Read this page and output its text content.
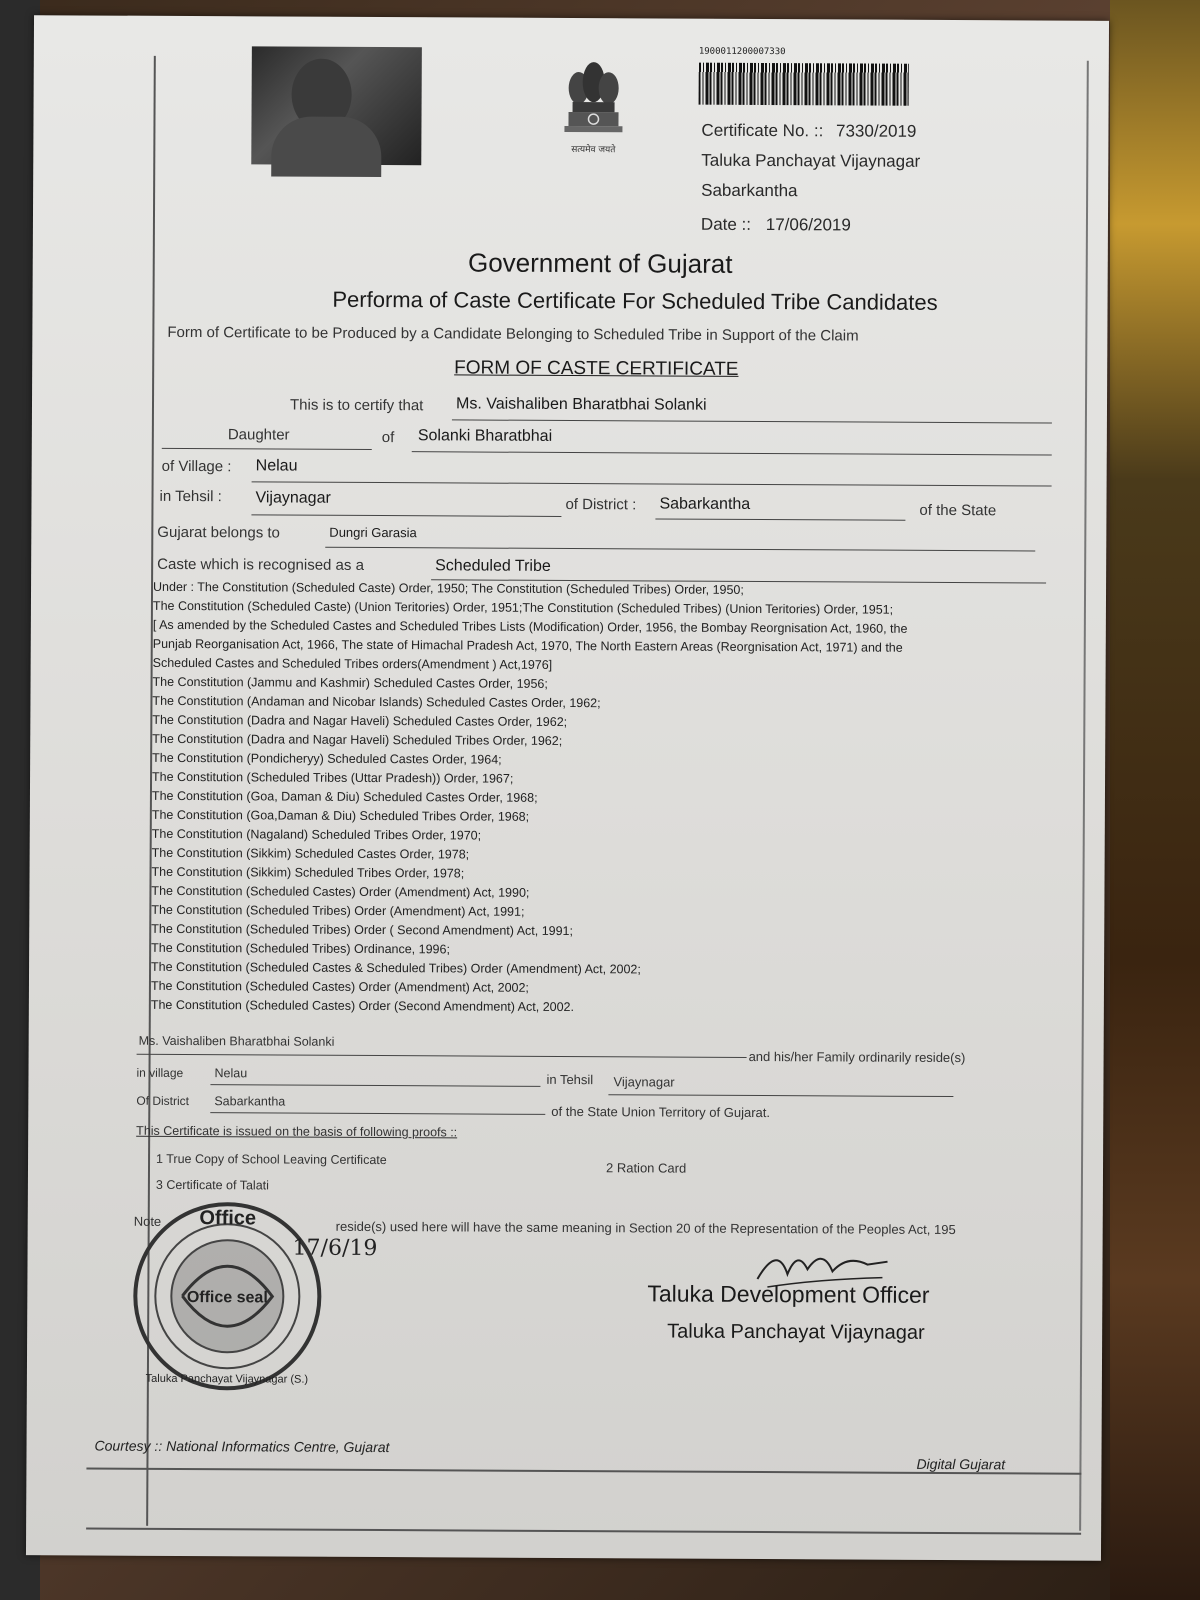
सत्यमेव जयते
1900011200007330
Certificate No. :: 7330/2019
Taluka Panchayat Vijaynagar
Sabarkantha
Date :: 17/06/2019
Government of Gujarat
Performa of Caste Certificate For Scheduled Tribe Candidates
Form of Certificate to be Produced by a Candidate Belonging to Scheduled Tribe in Support of the Claim
FORM OF CASTE CERTIFICATE
This is to certify that Ms. Vaishaliben Bharatbhai Solanki
Daughter	of Solanki Bharatbhai
of Village : Nelau
in Tehsil : Vijaynagar	of District : Sabarkantha	of the State
Gujarat belongs to	Dungri Garasia
Caste which is recognised as a	Scheduled Tribe
Under : The Constitution (Scheduled Caste) Order, 1950; The Constitution (Scheduled Tribes) Order, 1950;
The Constitution (Scheduled Caste) (Union Teritories) Order, 1951;The Constitution (Scheduled Tribes) (Union Teritories) Order, 1951;
[ As amended by the Scheduled Castes and Scheduled Tribes Lists (Modification) Order, 1956, the Bombay Reorgnisation Act, 1960, the
Punjab Reorganisation Act, 1966, The state of Himachal Pradesh Act, 1970, The North Eastern Areas (Reorgnisation Act, 1971) and the
Scheduled Castes and Scheduled Tribes orders(Amendment ) Act,1976]
The Constitution (Jammu and Kashmir) Scheduled Castes Order, 1956;
The Constitution (Andaman and Nicobar Islands) Scheduled Castes Order, 1962;
The Constitution (Dadra and Nagar Haveli) Scheduled Castes Order, 1962;
The Constitution (Dadra and Nagar Haveli) Scheduled Tribes Order, 1962;
The Constitution (Pondicheryy) Scheduled Castes Order, 1964;
The Constitution (Scheduled Tribes (Uttar Pradesh)) Order, 1967;
The Constitution (Goa, Daman & Diu) Scheduled Castes Order, 1968;
The Constitution (Goa,Daman & Diu) Scheduled Tribes Order, 1968;
The Constitution (Nagaland) Scheduled Tribes Order, 1970;
The Constitution (Sikkim) Scheduled Castes Order, 1978;
The Constitution (Sikkim) Scheduled Tribes Order, 1978;
The Constitution (Scheduled Castes) Order (Amendment) Act, 1990;
The Constitution (Scheduled Tribes) Order (Amendment) Act, 1991;
The Constitution (Scheduled Tribes) Order ( Second Amendment) Act, 1991;
The Constitution (Scheduled Tribes) Ordinance, 1996;
The Constitution (Scheduled Castes & Scheduled Tribes) Order (Amendment) Act, 2002;
The Constitution (Scheduled Castes) Order (Amendment) Act, 2002;
The Constitution (Scheduled Castes) Order (Second Amendment) Act, 2002.
Ms. Vaishaliben Bharatbhai Solanki
and his/her Family ordinarily reside(s)
in village Nelau	in Tehsil Vijaynagar
Of District Sabarkantha
of the State Union Territory of Gujarat.
This Certificate is issued on the basis of following proofs ::
1 True Copy of School Leaving Certificate
2 Ration Card
3 Certificate of Talati
Note	reside(s) used here will have the same meaning in Section 20 of the Representation of the Peoples Act, 195
Office seal
Office
Taluka Panchayat Vijaynagar (S.)
17/6/19
Taluka Development Officer
Taluka Panchayat Vijaynagar
Courtesy :: National Informatics Centre, Gujarat
Digital Gujarat
